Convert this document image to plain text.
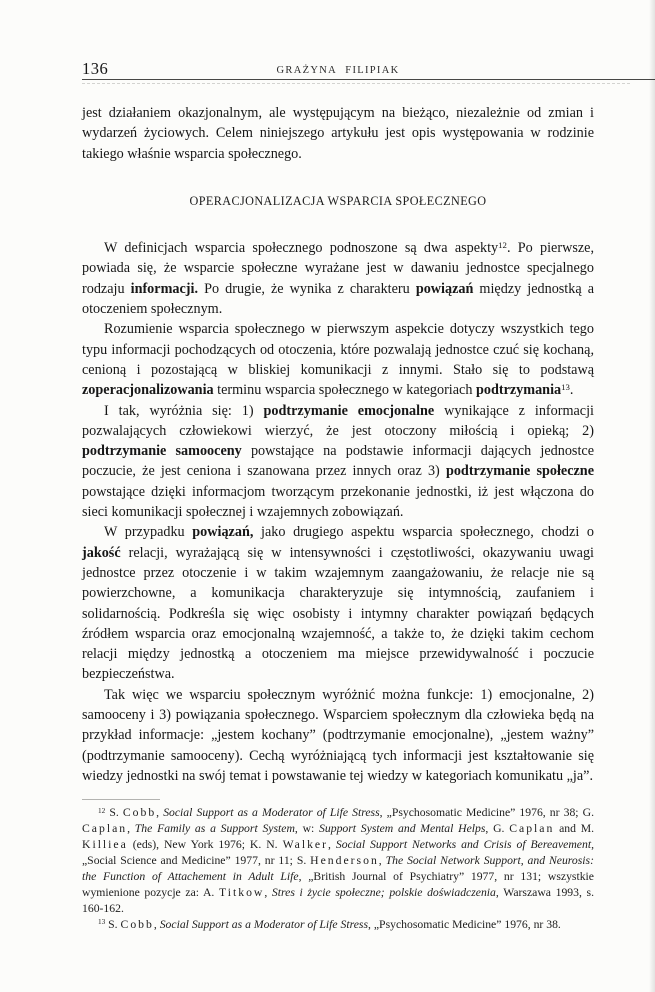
136	GRAŻYNA FILIPIAK

jest działaniem okazjonalnym, ale występującym na bieżąco, niezależnie od zmian i wydarzeń życiowych. Celem niniejszego artykułu jest opis występowania w rodzinie takiego właśnie wsparcia społecznego.

OPERACJONALIZACJA WSPARCIA SPOŁECZNEGO

W definicjach wsparcia społecznego podnoszone są dwa aspekty$^{12}$. Po pierwsze, powiada się, że wsparcie społeczne wyrażane jest w dawaniu jednostce specjalnego rodzaju informacji. Po drugie, że wynika z charakteru powiązań między jednostką a otoczeniem społecznym.

Rozumienie wsparcia społecznego w pierwszym aspekcie dotyczy wszystkich tego typu informacji pochodzących od otoczenia, które pozwalają jednostce czuć się kochaną, cenioną i pozostającą w bliskiej komunikacji z innymi. Stało się to podstawą zoperacjonalizowania terminu wsparcia społecznego w kategoriach podtrzymania$^{13}$.

I tak, wyróżnia się: 1) podtrzymanie emocjonalne wynikające z informacji pozwalających człowiekowi wierzyć, że jest otoczony miłością i opieką; 2) podtrzymanie samooceny powstające na podstawie informacji dających jednostce poczucie, że jest ceniona i szanowana przez innych oraz 3) podtrzymanie społeczne powstające dzięki informacjom tworzącym przekonanie jednostki, iż jest włączona do sieci komunikacji społecznej i wzajemnych zobowiązań.

W przypadku powiązań, jako drugiego aspektu wsparcia społecznego, chodzi o jakość relacji, wyrażającą się w intensywności i częstotliwości, okazywaniu uwagi jednostce przez otoczenie i w takim wzajemnym zaangażowaniu, że relacje nie są powierzchowne, a komunikacja charakteryzuje się intymnością, zaufaniem i solidarnością. Podkreśla się więc osobisty i intymny charakter powiązań będących źródłem wsparcia oraz emocjonalną wzajemność, a także to, że dzięki takim cechom relacji między jednostką a otoczeniem ma miejsce przewidywalność i poczucie bezpieczeństwa.

Tak więc we wsparciu społecznym wyróżnić można funkcje: 1) emocjonalne, 2) samooceny i 3) powiązania społecznego. Wsparciem społecznym dla człowieka będą na przykład informacje: „jestem kochany” (podtrzymanie emocjonalne), „jestem ważny” (podtrzymanie samooceny). Cechą wyróżniającą tych informacji jest kształtowanie się wiedzy jednostki na swój temat i powstawanie tej wiedzy w kategoriach komunikatu „ja”.

$^{12}$ S. Cobb, Social Support as a Moderator of Life Stress, „Psychosomatic Medicine” 1976, nr 38; G. Caplan, The Family as a Support System, w: Support System and Mental Helps, G. Caplan and M. Killiea (eds), New York 1976; K. N. Walker, Social Support Networks and Crisis of Bereavement, „Social Science and Medicine” 1977, nr 11; S. Henderson, The Social Network Support, and Neurosis: the Function of Attachement in Adult Life, „British Journal of Psychiatry” 1977, nr 131; wszystkie wymienione pozycje za: A. Titkow, Stres i życie społeczne; polskie doświadczenia, Warszawa 1993, s. 160-162.

$^{13}$ S. Cobb, Social Support as a Moderator of Life Stress, „Psychosomatic Medicine” 1976, nr 38.
